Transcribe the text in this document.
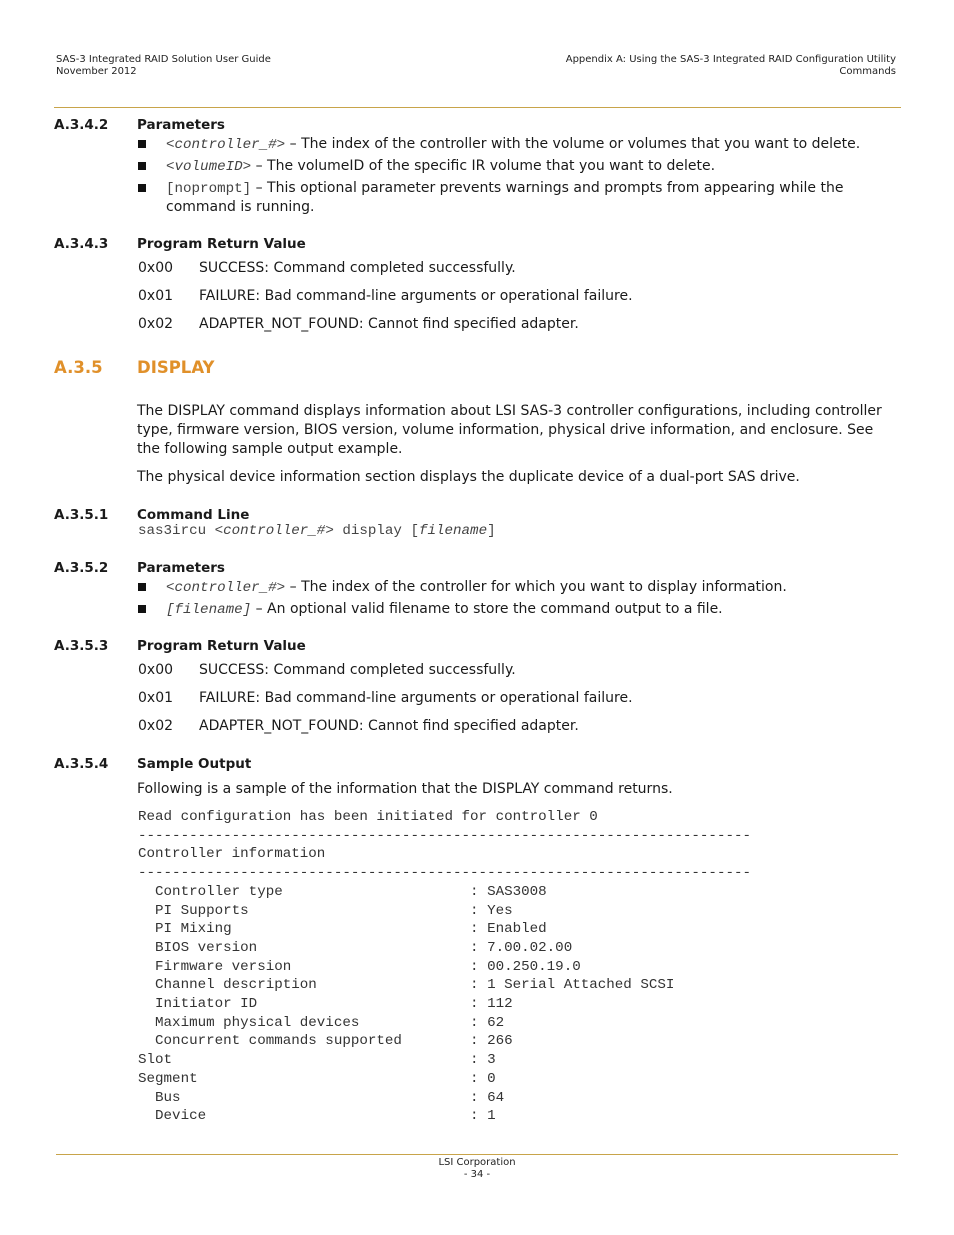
SAS-3 Integrated RAID Solution User Guide
November 2012
Appendix A: Using the SAS-3 Integrated RAID Configuration Utility
Commands
A.3.4.2 Parameters
<controller_#> – The index of the controller with the volume or volumes that you want to delete.
<volumeID> – The volumeID of the specific IR volume that you want to delete.
[noprompt] – This optional parameter prevents warnings and prompts from appearing while the command is running.
A.3.4.3 Program Return Value
0x00 SUCCESS: Command completed successfully.
0x01 FAILURE: Bad command-line arguments or operational failure.
0x02 ADAPTER_NOT_FOUND: Cannot find specified adapter.
A.3.5 DISPLAY
The DISPLAY command displays information about LSI SAS-3 controller configurations, including controller type, firmware version, BIOS version, volume information, physical drive information, and enclosure. See the following sample output example.
The physical device information section displays the duplicate device of a dual-port SAS drive.
A.3.5.1 Command Line
sas3ircu <controller_#> display [filename]
A.3.5.2 Parameters
<controller_#> – The index of the controller for which you want to display information.
[filename] – An optional valid filename to store the command output to a file.
A.3.5.3 Program Return Value
0x00 SUCCESS: Command completed successfully.
0x01 FAILURE: Bad command-line arguments or operational failure.
0x02 ADAPTER_NOT_FOUND: Cannot find specified adapter.
A.3.5.4 Sample Output
Following is a sample of the information that the DISPLAY command returns.
Read configuration has been initiated for controller 0
------------------------------------------------------------------------
Controller information
------------------------------------------------------------------------
Controller type                      : SAS3008
PI Supports                          : Yes
PI Mixing                            : Enabled
BIOS version                         : 7.00.02.00
Firmware version                     : 00.250.19.0
Channel description                  : 1 Serial Attached SCSI
Initiator ID                         : 112
Maximum physical devices             : 62
Concurrent commands supported        : 266
Slot                                   : 3
Segment                                : 0
Bus                                  : 64
Device                               : 1
LSI Corporation
- 34 -
